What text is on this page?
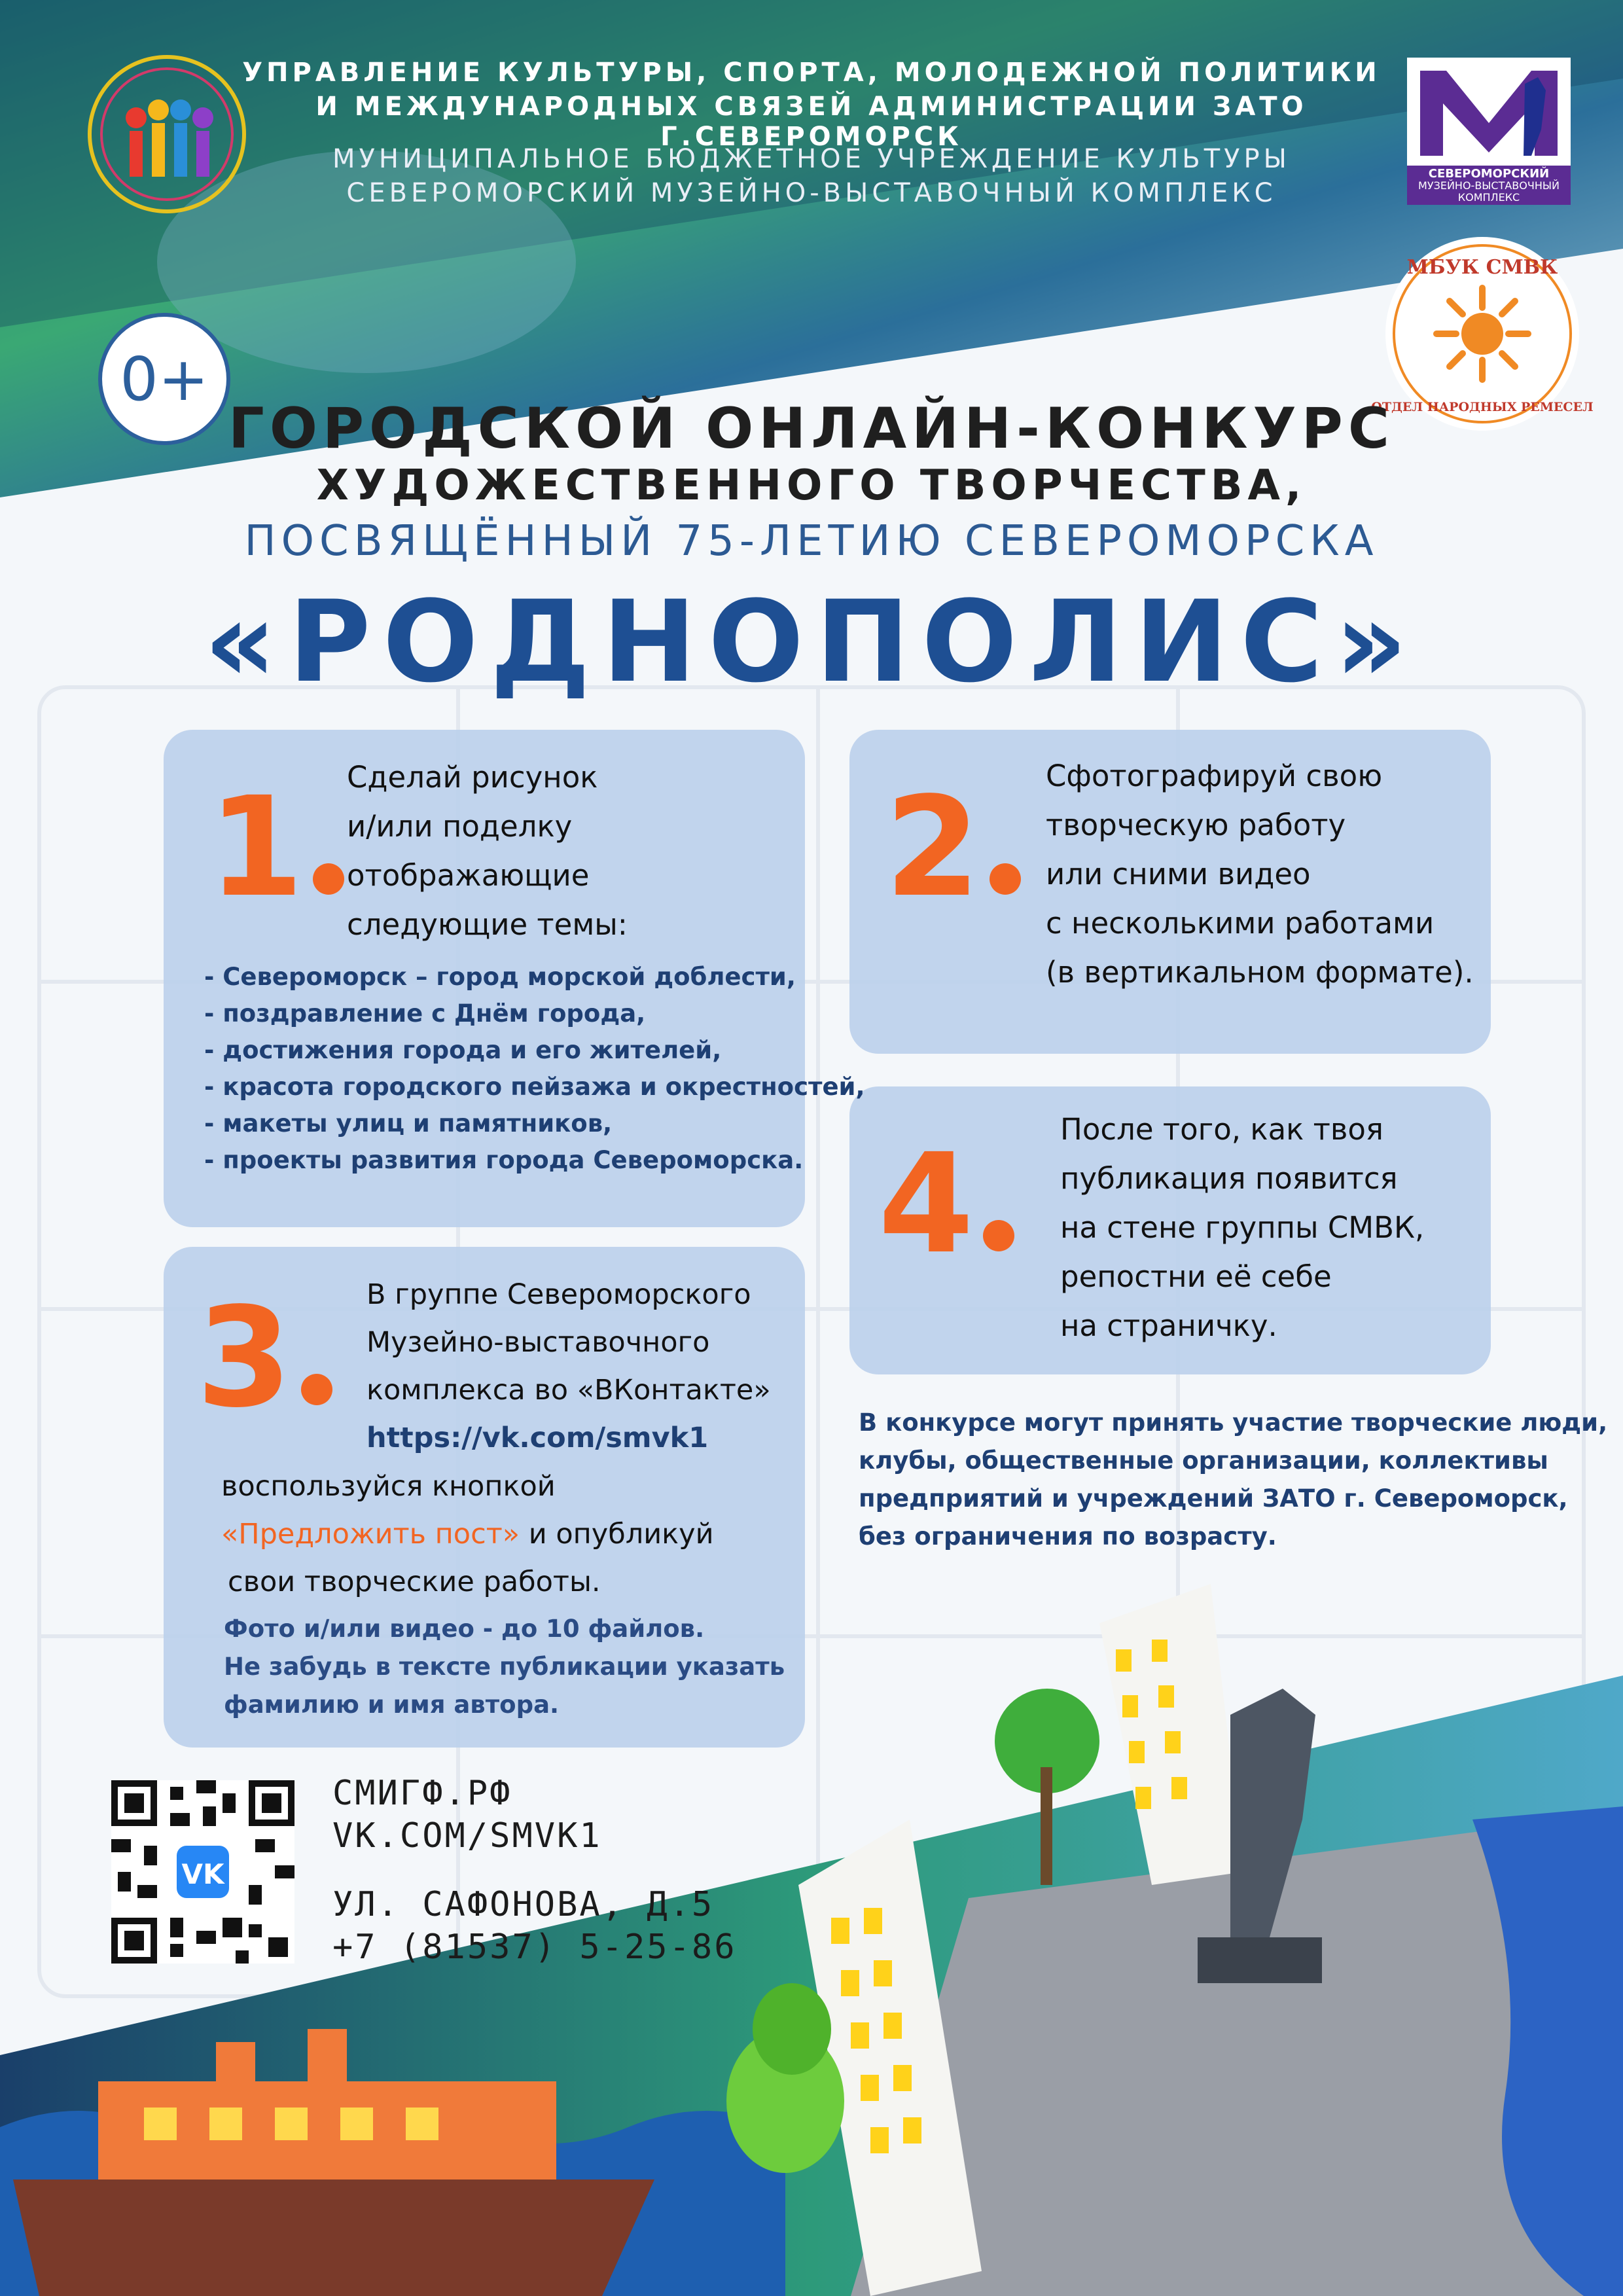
УПРАВЛЕНИЕ КУЛЬТУРЫ, СПОРТА, МОЛОДЕЖНОЙ ПОЛИТИКИ
И МЕЖДУНАРОДНЫХ СВЯЗЕЙ АДМИНИСТРАЦИИ ЗАТО Г.СЕВЕРОМОРСК
МУНИЦИПАЛЬНОЕ БЮДЖЕТНОЕ УЧРЕЖДЕНИЕ КУЛЬТУРЫ
СЕВЕРОМОРСКИЙ МУЗЕЙНО-ВЫСТАВОЧНЫЙ КОМПЛЕКС
СЕВЕРОМОРСКИЙ
МУЗЕЙНО-ВЫСТАВОЧНЫЙ
КОМПЛЕКС
МБУК СМВК
ОТДЕЛ НАРОДНЫХ РЕМЕСЕЛ
0+
ГОРОДСКОЙ ОНЛАЙН-КОНКУРС
ХУДОЖЕСТВЕННОГО ТВОРЧЕСТВА,
ПОСВЯЩЁННЫЙ 75-ЛЕТИЮ СЕВЕРОМОРСКА
«РОДНОПОЛИС»
1	Сделай рисунок
и/или поделку
отображающие
следующие темы:
- Североморск – город морской доблести,
- поздравление с Днём города,
- достижения города и его жителей,
- красота городского пейзажа и окрестностей,
- макеты улиц и памятников,
- проекты развития города Североморска.
2	Сфотографируй свою
творческую работу
или сними видео
с несколькими работами
(в вертикальном формате).
4	После того, как твоя
публикация появится
на стене группы СМВК,
репостни её себе
на страничку.
3	В группе Североморского
Музейно-выставочного
комплекса во «ВКонтакте»
https://vk.com/smvk1
воспользуйся кнопкой
«Предложить пост» и опубликуй
свои творческие работы.
Фото и/или видео - до 10 файлов.
Не забудь в тексте публикации указать
фамилию и имя автора.
В конкурсе могут принять участие творческие люди,
клубы, общественные организации, коллективы
предприятий и учреждений ЗАТО г. Североморск,
без ограничения по возрасту.
VK
СМИГФ.РФ
VK.COM/SMVK1
УЛ. САФОНОВА, Д.5
+7 (81537) 5-25-86
